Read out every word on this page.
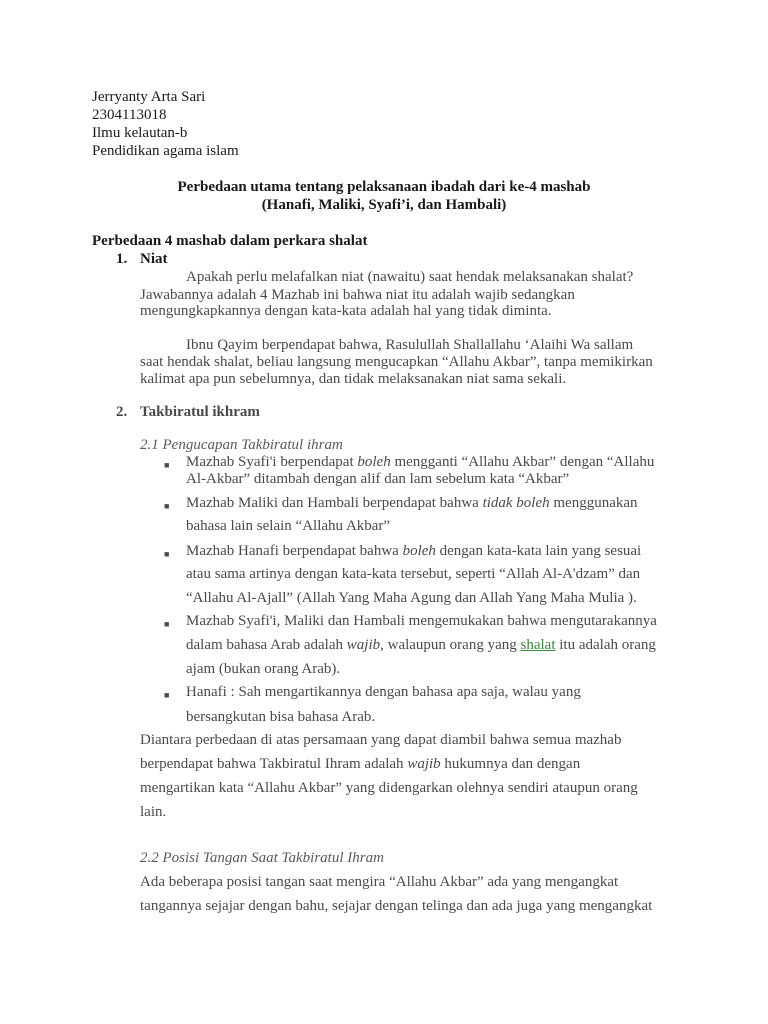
Jerryanty Arta Sari
2304113018
Ilmu kelautan-b
Pendidikan agama islam
Perbedaan utama tentang pelaksanaan ibadah dari ke-4 mashab
(Hanafi, Maliki, Syafi’i, dan Hambali)
Perbedaan 4 mashab dalam perkara shalat
1. Niat
Apakah perlu melafalkan niat (nawaitu) saat hendak melaksanakan shalat?
Jawabannya adalah 4 Mazhab ini bahwa niat itu adalah wajib sedangkan
mengungkapkannya dengan kata-kata adalah hal yang tidak diminta.
Ibnu Qayim berpendapat bahwa, Rasulullah Shallallahu ‘Alaihi Wa sallam
saat hendak shalat, beliau langsung mengucapkan “Allahu Akbar”, tanpa memikirkan
kalimat apa pun sebelumnya, dan tidak melaksanakan niat sama sekali.
2. Takbiratul ikhram
2.1 Pengucapan Takbiratul ihram
■ Mazhab Syafi'i berpendapat boleh mengganti “Allahu Akbar” dengan “Allahu
Al-Akbar” ditambah dengan alif dan lam sebelum kata “Akbar”
■ Mazhab Maliki dan Hambali berpendapat bahwa tidak boleh menggunakan
bahasa lain selain “Allahu Akbar”
■ Mazhab Hanafi berpendapat bahwa boleh dengan kata-kata lain yang sesuai
atau sama artinya dengan kata-kata tersebut, seperti “Allah Al-A'dzam” dan
“Allahu Al-Ajall” (Allah Yang Maha Agung dan Allah Yang Maha Mulia ).
■ Mazhab Syafi'i, Maliki dan Hambali mengemukakan bahwa mengutarakannya
dalam bahasa Arab adalah wajib, walaupun orang yang shalat itu adalah orang
ajam (bukan orang Arab).
■ Hanafi : Sah mengartikannya dengan bahasa apa saja, walau yang
bersangkutan bisa bahasa Arab.
Diantara perbedaan di atas persamaan yang dapat diambil bahwa semua mazhab
berpendapat bahwa Takbiratul Ihram adalah wajib hukumnya dan dengan
mengartikan kata “Allahu Akbar” yang didengarkan olehnya sendiri ataupun orang
lain.
2.2 Posisi Tangan Saat Takbiratul Ihram
Ada beberapa posisi tangan saat mengira “Allahu Akbar” ada yang mengangkat
tangannya sejajar dengan bahu, sejajar dengan telinga dan ada juga yang mengangkat
